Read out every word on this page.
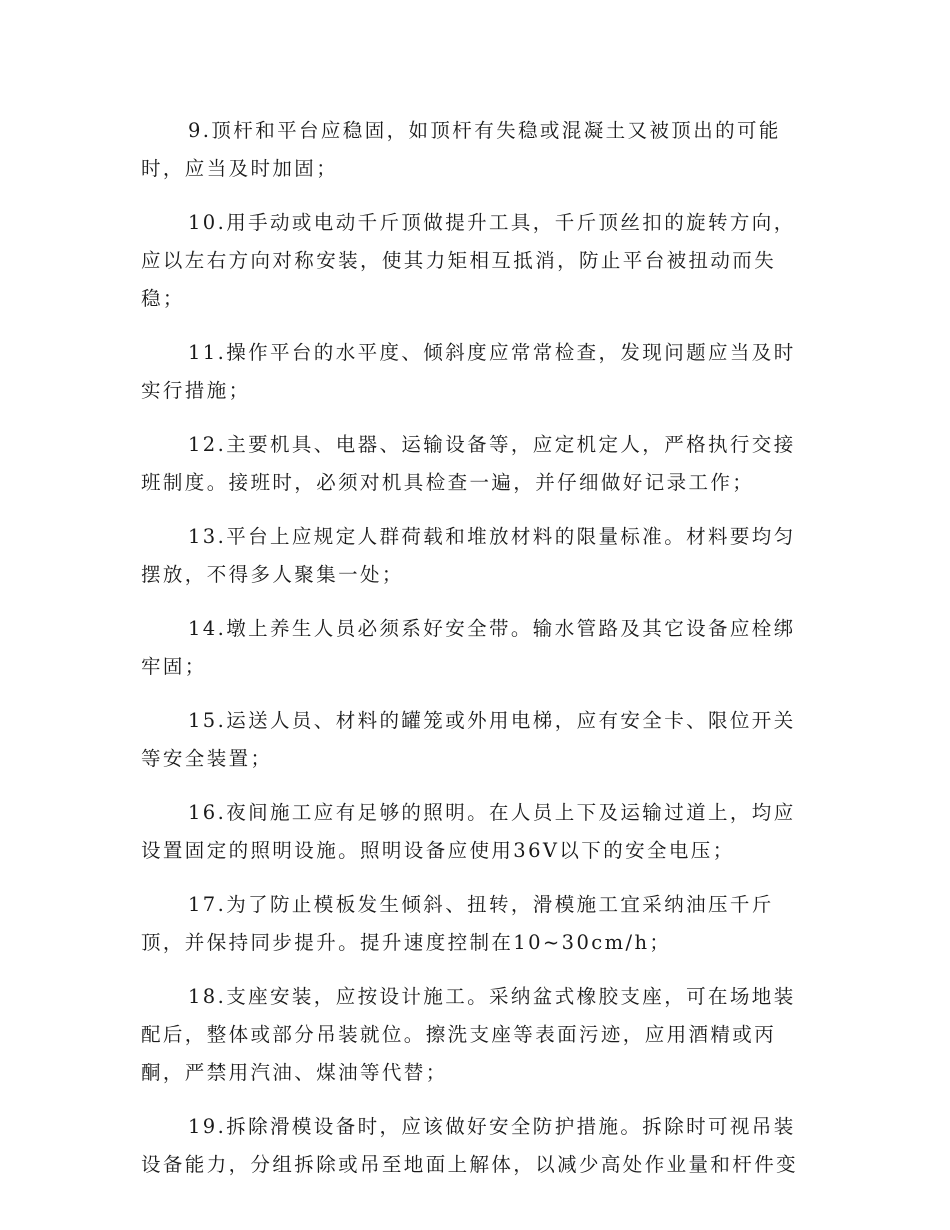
9.顶杆和平台应稳固，如顶杆有失稳或混凝土又被顶出的可能时，应当及时加固；

10.用手动或电动千斤顶做提升工具，千斤顶丝扣的旋转方向，应以左右方向对称安装，使其力矩相互抵消，防止平台被扭动而失稳；

11.操作平台的水平度、倾斜度应常常检查，发现问题应当及时实行措施；

12.主要机具、电器、运输设备等，应定机定人，严格执行交接班制度。接班时，必须对机具检查一遍，并仔细做好记录工作；

13.平台上应规定人群荷载和堆放材料的限量标准。材料要均匀摆放，不得多人聚集一处；

14.墩上养生人员必须系好安全带。输水管路及其它设备应栓绑牢固；

15.运送人员、材料的罐笼或外用电梯，应有安全卡、限位开关等安全装置；

16.夜间施工应有足够的照明。在人员上下及运输过道上，均应设置固定的照明设施。照明设备应使用36V以下的安全电压；

17.为了防止模板发生倾斜、扭转，滑模施工宜采纳油压千斤顶，并保持同步提升。提升速度控制在10~30cm/h；

18.支座安装，应按设计施工。采纳盆式橡胶支座，可在场地装配后，整体或部分吊装就位。擦洗支座等表面污迹，应用酒精或丙酮，严禁用汽油、煤油等代替；

19.拆除滑模设备时，应该做好安全防护措施。拆除时可视吊装设备能力，分组拆除或吊至地面上解体，以减少高处作业量和杆件变
